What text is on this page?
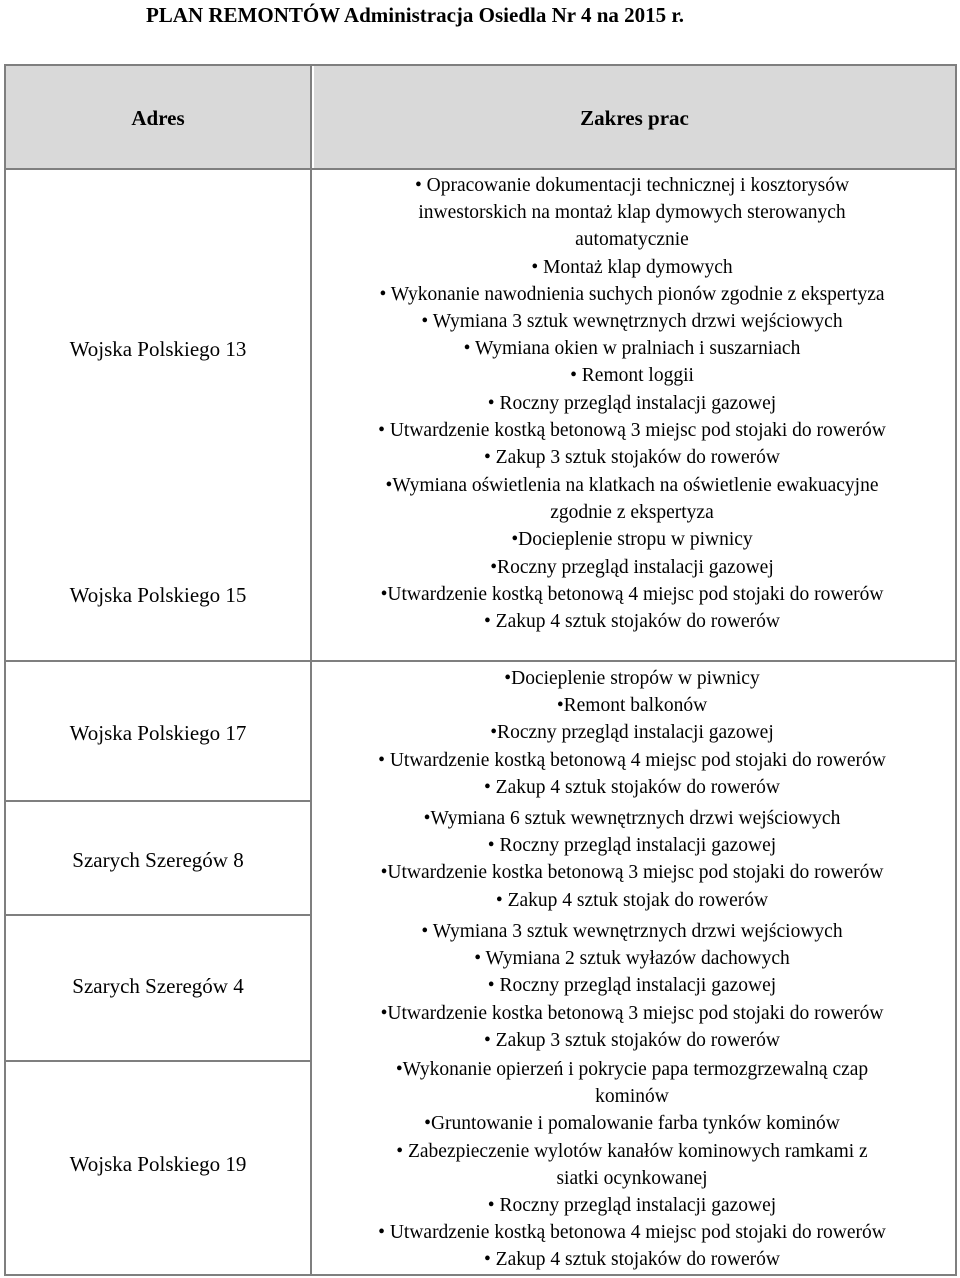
PLAN REMONTÓW Administracja Osiedla Nr 4 na 2015 r.
Adres	Zakres prac
Wojska Polskiego 13
Wojska Polskiego 15
Wojska Polskiego 17
Szarych Szeregów 8
Szarych Szeregów 4
Wojska Polskiego 19
• Opracowanie dokumentacji technicznej i kosztorysów
inwestorskich na montaż klap dymowych sterowanych
automatycznie
• Montaż klap dymowych
• Wykonanie nawodnienia suchych pionów zgodnie z ekspertyza
• Wymiana 3 sztuk wewnętrznych drzwi wejściowych
• Wymiana okien w pralniach i suszarniach
• Remont loggii
• Roczny przegląd instalacji gazowej
• Utwardzenie kostką betonową 3 miejsc pod stojaki do rowerów
• Zakup 3 sztuk stojaków do rowerów
•Wymiana oświetlenia na klatkach na oświetlenie ewakuacyjne
zgodnie z ekspertyza
•Docieplenie stropu w piwnicy
•Roczny przegląd instalacji gazowej
•Utwardzenie kostką betonową 4 miejsc pod stojaki do rowerów
• Zakup 4 sztuk stojaków do rowerów
•Docieplenie stropów w piwnicy
•Remont balkonów
•Roczny przegląd instalacji gazowej
• Utwardzenie kostką betonową 4 miejsc pod stojaki do rowerów
• Zakup 4 sztuk stojaków do rowerów
•Wymiana 6 sztuk wewnętrznych drzwi wejściowych
• Roczny przegląd instalacji gazowej
•Utwardzenie kostka betonową 3 miejsc pod stojaki do rowerów
• Zakup 4 sztuk stojak do rowerów
• Wymiana 3 sztuk wewnętrznych drzwi wejściowych
• Wymiana 2 sztuk wyłazów dachowych
• Roczny przegląd instalacji gazowej
•Utwardzenie kostka betonową 3 miejsc pod stojaki do rowerów
• Zakup 3 sztuk stojaków do rowerów
•Wykonanie opierzeń i pokrycie papa termozgrzewalną czap
kominów
•Gruntowanie i pomalowanie farba tynków kominów
• Zabezpieczenie wylotów kanałów kominowych ramkami z
siatki ocynkowanej
• Roczny przegląd instalacji gazowej
• Utwardzenie kostką betonowa 4 miejsc pod stojaki do rowerów
• Zakup 4 sztuk stojaków do rowerów
